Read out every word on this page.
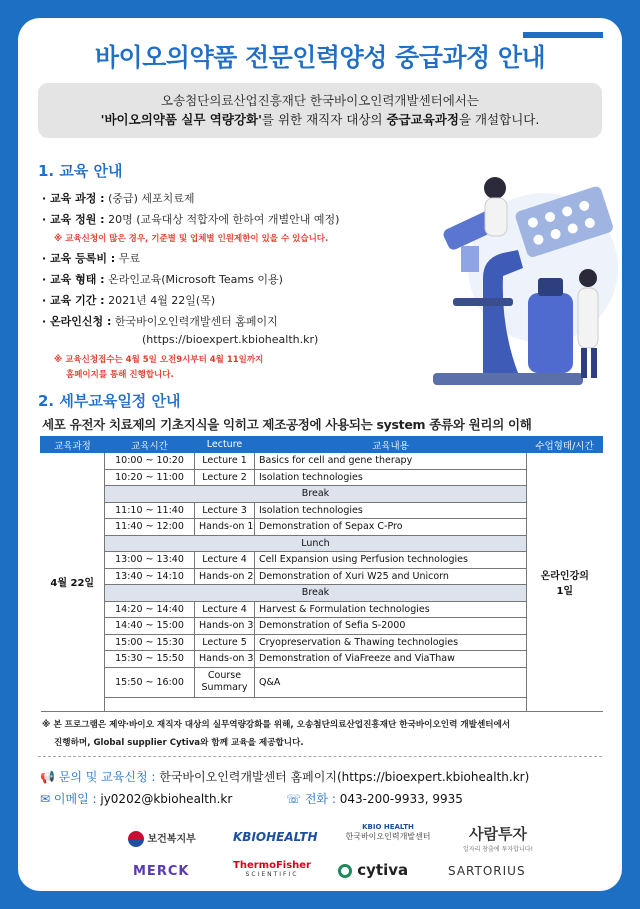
바이오의약품 전문인력양성 중급과정 안내
오송첨단의료산업진흥재단 한국바이오인력개발센터에서는
'바이오의약품 실무 역량강화'를 위한 재직자 대상의 중급교육과정을 개설합니다.
1. 교육 안내
· 교육 과정 : (중급) 세포치료제
· 교육 정원 : 20명 (교육대상 적합자에 한하여 개별안내 예정)
※ 교육신청이 많은 경우, 기준별 및 업체별 인원제한이 있을 수 있습니다.
· 교육 등록비 : 무료
· 교육 형태 : 온라인교육(Microsoft Teams 이용)
· 교육 기간 : 2021년 4월 22일(목)
· 온라인신청 : 한국바이오인력개발센터 홈페이지
(https://bioexpert.kbiohealth.kr)
※ 교육신청접수는 4월 5일 오전9시부터 4월 11일까지
홈페이지를 통해 진행합니다.
2. 세부교육일정 안내
세포 유전자 치료제의 기초지식을 익히고 제조공정에 사용되는 system 종류와 원리의 이해
교육과정	교육시간	Lecture	교육내용	수업형태/시간
4월 22일	10:00 ~ 10:20	Lecture 1	Basics for cell and gene therapy	온라인강의
1일

	10:20 ~ 11:00	Lecture 2	Isolation technologies	
	Break			
	11:10 ~ 11:40	Lecture 3	Isolation technologies	
	11:40 ~ 12:00	Hands-on 1	Demonstration of Sepax C-Pro	
	Lunch			
	13:00 ~ 13:40	Lecture 4	Cell Expansion using Perfusion technologies	
	13:40 ~ 14:10	Hands-on 2	Demonstration of Xuri W25 and Unicorn	
	Break			
	14:20 ~ 14:40	Lecture 4	Harvest & Formulation technologies	
	14:40 ~ 15:00	Hands-on 3	Demonstration of Sefia S-2000	
	15:00 ~ 15:30	Lecture 5	Cryopreservation & Thawing technologies	
	15:30 ~ 15:50	Hands-on 3	Demonstration of ViaFreeze and ViaThaw	
	15:50 ~ 16:00	Course
Summary	Q&A	

※ 본 프로그램은 제약·바이오 재직자 대상의 실무역량강화를 위해, 오송첨단의료산업진흥재단 한국바이오인력 개발센터에서
진행하며, Global supplier Cytiva와 함께 교육을 제공합니다.
📢 문의 및 교육신청 : 한국바이오인력개발센터 홈페이지(https://bioexpert.kbiohealth.kr)
✉ 이메일 : jy0202@kbiohealth.kr	☏ 전화 : 043-200-9933, 9935
보건복지부	KBIOHEALTH
KBIO HEALTH
한국바이오인력개발센터	사람투자
일자리 창출에 투자합니다!
MERCK	ThermoFisher
SCIENTIFIC	cytiva	SARTORIUS
